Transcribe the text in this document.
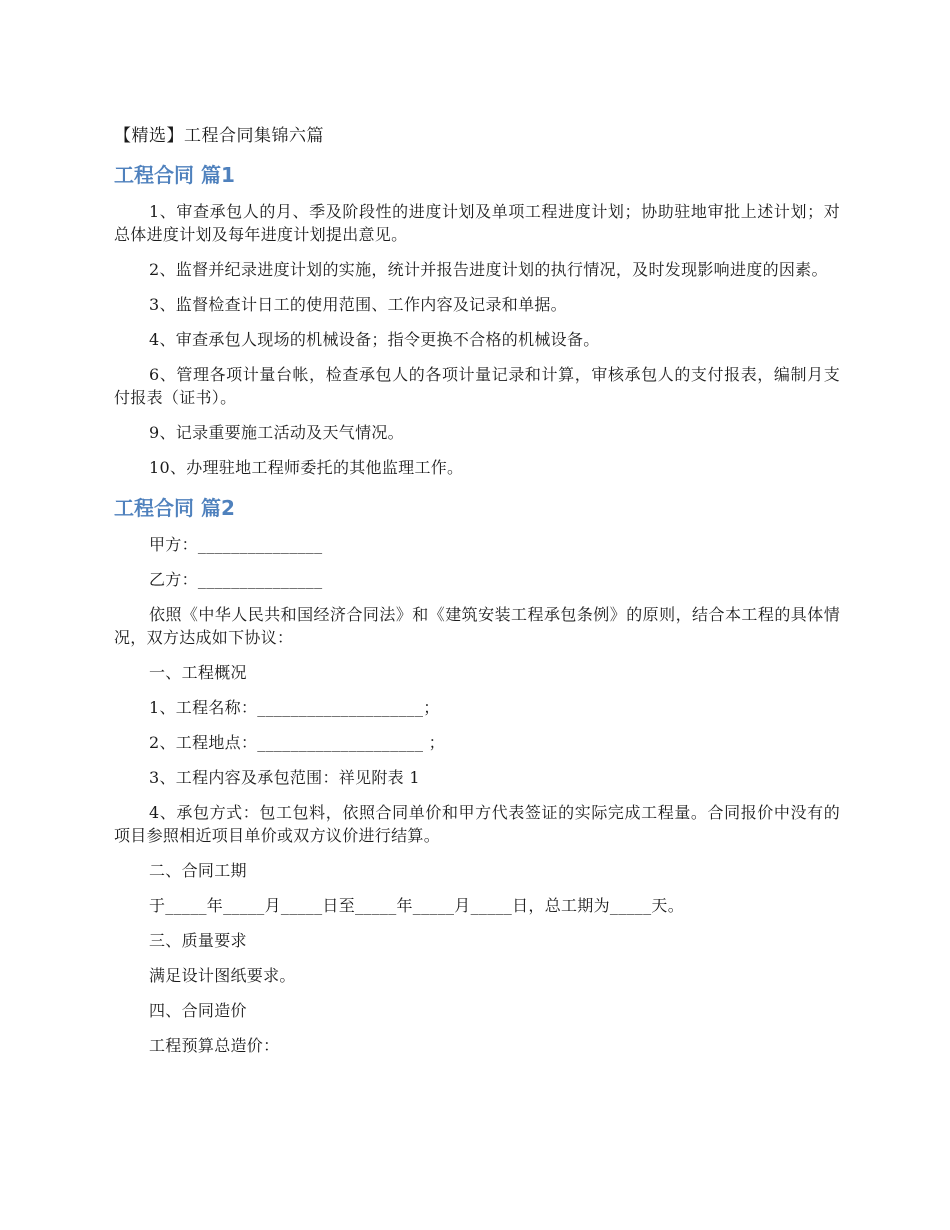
【精选】工程合同集锦六篇
工程合同 篇1

1、审查承包人的月、季及阶段性的进度计划及单项工程进度计划；协助驻地审批上述计划；对总体进度计划及每年进度计划提出意见。

2、监督并纪录进度计划的实施，统计并报告进度计划的执行情况，及时发现影响进度的因素。

3、监督检查计日工的使用范围、工作内容及记录和单据。

4、审查承包人现场的机械设备；指令更换不合格的机械设备。

6、管理各项计量台帐，检查承包人的各项计量记录和计算，审核承包人的支付报表，编制月支付报表（证书）。

9、记录重要施工活动及天气情况。

10、办理驻地工程师委托的其他监理工作。

工程合同 篇2

甲方：_______________

乙方：_______________

依照《中华人民共和国经济合同法》和《建筑安装工程承包条例》的原则，结合本工程的具体情况，双方达成如下协议：

一、工程概况

1、工程名称：____________________；

2、工程地点：____________________ ；

3、工程内容及承包范围：祥见附表 1

4、承包方式：包工包料，依照合同单价和甲方代表签证的实际完成工程量。合同报价中没有的项目参照相近项目单价或双方议价进行结算。

二、合同工期

于_____年_____月_____日至_____年_____月_____日，总工期为_____天。

三、质量要求

满足设计图纸要求。

四、合同造价

工程预算总造价：
